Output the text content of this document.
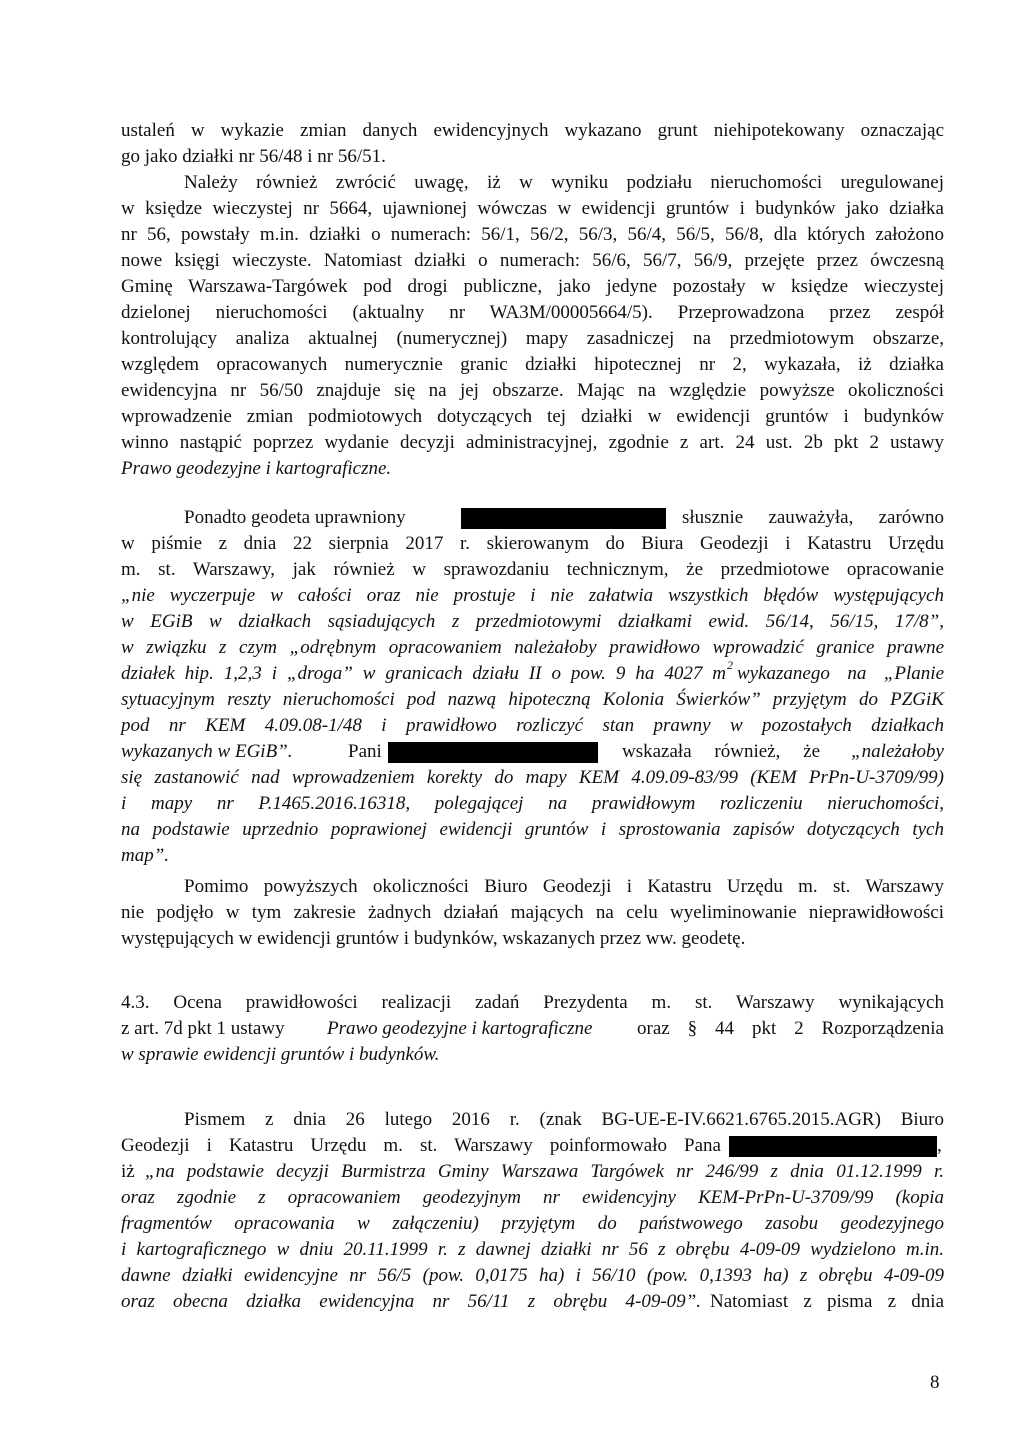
ustaleń w wykazie zmian danych ewidencyjnych wykazano grunt niehipotekowany oznaczając
go jako działki nr 56/48 i nr 56/51.
Należy również zwrócić uwagę, iż w wyniku podziału nieruchomości uregulowanej
w księdze wieczystej nr 5664, ujawnionej wówczas w ewidencji gruntów i budynków jako działka
nr 56, powstały m.in. działki o numerach: 56/1, 56/2, 56/3, 56/4, 56/5, 56/8, dla których założono
nowe księgi wieczyste. Natomiast działki o numerach: 56/6, 56/7, 56/9, przejęte przez ówczesną
Gminę Warszawa-Targówek pod drogi publiczne, jako jedyne pozostały w księdze wieczystej
dzielonej nieruchomości (aktualny nr WA3M/00005664/5). Przeprowadzona przez zespół
kontrolujący analiza aktualnej (numerycznej) mapy zasadniczej na przedmiotowym obszarze,
względem opracowanych numerycznie granic działki hipotecznej nr 2, wykazała, iż działka
ewidencyjna nr 56/50 znajduje się na jej obszarze. Mając na względzie powyższe okoliczności
wprowadzenie zmian podmiotowych dotyczących tej działki w ewidencji gruntów i budynków
winno nastąpić poprzez wydanie decyzji administracyjnej, zgodnie z art. 24 ust. 2b pkt 2 ustawy
Prawo geodezyjne i kartograficzne.
Ponadto geodeta uprawniony	słusznie zauważyła, zarówno
w piśmie z dnia 22 sierpnia 2017 r. skierowanym do Biura Geodezji i Katastru Urzędu
m. st. Warszawy, jak również w sprawozdaniu technicznym, że przedmiotowe opracowanie
„nie wyczerpuje w całości oraz nie prostuje i nie załatwia wszystkich błędów występujących
w EGiB w działkach sąsiadujących z przedmiotowymi działkami ewid. 56/14, 56/15, 17/8”,
w związku z czym „odrębnym opracowaniem należałoby prawidłowo wprowadzić granice prawne
działek hip. 1,2,3 i „droga” w granicach działu II o pow. 9 ha 4027 m 2 wykazanego na „Planie
sytuacyjnym reszty nieruchomości pod nazwą hipoteczną Kolonia Świerków” przyjętym do PZGiK
pod nr KEM 4.09.08-1/48 i prawidłowo rozliczyć stan prawny w pozostałych działkach
wykazanych w EGiB”.	Pani	wskazała również, że	„należałoby
się zastanowić nad wprowadzeniem korekty do mapy KEM 4.09.09-83/99 (KEM PrPn-U-3709/99)
i mapy nr P.1465.2016.16318, polegającej na prawidłowym rozliczeniu nieruchomości,
na podstawie uprzednio poprawionej ewidencji gruntów i sprostowania zapisów dotyczących tych
map”.
Pomimo powyższych okoliczności Biuro Geodezji i Katastru Urzędu m. st. Warszawy
nie podjęło w tym zakresie żadnych działań mających na celu wyeliminowanie nieprawidłowości
występujących w ewidencji gruntów i budynków, wskazanych przez ww. geodetę.
4.3. Ocena prawidłowości realizacji zadań Prezydenta m. st. Warszawy wynikających
z art. 7d pkt 1 ustawy	Prawo geodezyjne i kartograficzne	oraz § 44 pkt 2 Rozporządzenia
w sprawie ewidencji gruntów i budynków.
Pismem z dnia 26 lutego 2016 r. (znak BG-UE-E-IV.6621.6765.2015.AGR) Biuro
Geodezji i Katastru Urzędu m. st. Warszawy poinformowało Pana	,
iż „na podstawie decyzji Burmistrza Gminy Warszawa Targówek nr 246/99 z dnia 01.12.1999 r.
oraz zgodnie z opracowaniem geodezyjnym nr ewidencyjny KEM-PrPn-U-3709/99 (kopia
fragmentów opracowania w załączeniu) przyjętym do państwowego zasobu geodezyjnego
i kartograficznego w dniu 20.11.1999 r. z dawnej działki nr 56 z obrębu 4-09-09 wydzielono m.in.
dawne działki ewidencyjne nr 56/5 (pow. 0,0175 ha) i 56/10 (pow. 0,1393 ha) z obrębu 4-09-09
oraz obecna działka ewidencyjna nr 56/11 z obrębu 4-09-09”. Natomiast z pisma z dnia
8
